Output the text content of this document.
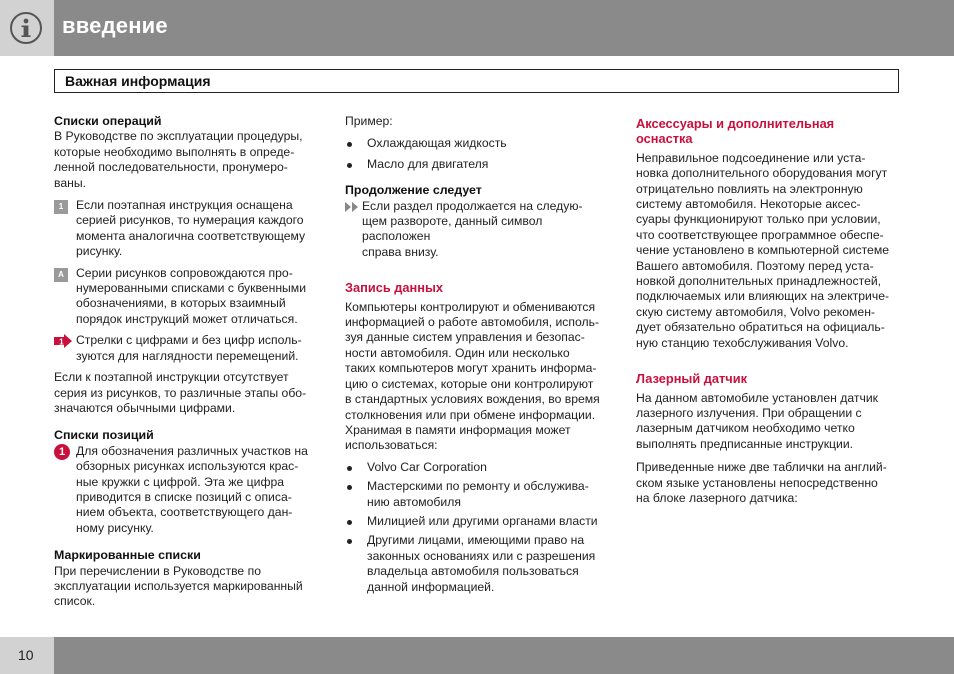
введение
Важная информация
Списки операций
В Руководстве по эксплуатации процедуры,
которые необходимо выполнять в опреде-
ленной последовательности, пронумеро-
ваны.
1	Если поэтапная инструкция оснащена
серией рисунков, то нумерация каждого
момента аналогична соответствующему
рисунку.
A Серии рисунков сопровождаются про-
нумерованными списками с буквенными
обозначениями, в которых взаимный
порядок инструкций может отличаться.
1 Стрелки с цифрами и без цифр исполь-
зуются для наглядности перемещений.
Если к поэтапной инструкции отсутствует
серия из рисунков, то различные этапы обо-
значаются обычными цифрами.
Списки позиций
1 Для обозначения различных участков на
обзорных рисунках используются крас-
ные кружки с цифрой. Эта же цифра
приводится в списке позиций с описа-
нием объекта, соответствующего дан-
ному рисунку.
Маркированные списки
При перечислении в Руководстве по
эксплуатации используется маркированный
список.
Пример:
Охлаждающая жидкость
Масло для двигателя
Продолжение следует
Если раздел продолжается на следую-
щем развороте, данный символ расположен
справа внизу.
Запись данных
Компьютеры контролируют и обмениваются
информацией о работе автомобиля, исполь-
зуя данные систем управления и безопас-
ности автомобиля. Один или несколько
таких компьютеров могут хранить информа-
цию о системах, которые они контролируют
в стандартных условиях вождения, во время
столкновения или при обмене информации.
Хранимая в памяти информация может
использоваться:
Volvo Car Corporation
Мастерскими по ремонту и обслужива-
нию автомобиля
Милицией или другими органами власти
Другими лицами, имеющими право на
законных основаниях или с разрешения
владельца автомобиля пользоваться
данной информацией.
Аксессуары и дополнительная
оснастка
Неправильное подсоединение или уста-
новка дополнительного оборудования могут
отрицательно повлиять на электронную
систему автомобиля. Некоторые аксес-
суары функционируют только при условии,
что соответствующее программное обеспе-
чение установлено в компьютерной системе
Вашего автомобиля. Поэтому перед уста-
новкой дополнительных принадлежностей,
подключаемых или влияющих на электриче-
скую систему автомобиля, Volvo рекомен-
дует обязательно обратиться на официаль-
ную станцию техобслуживания Volvo.
Лазерный датчик
На данном автомобиле установлен датчик
лазерного излучения. При обращении с
лазерным датчиком необходимо четко
выполнять предписанные инструкции.
Приведенные ниже две таблички на англий-
ском языке установлены непосредственно
на блоке лазерного датчика:
10
